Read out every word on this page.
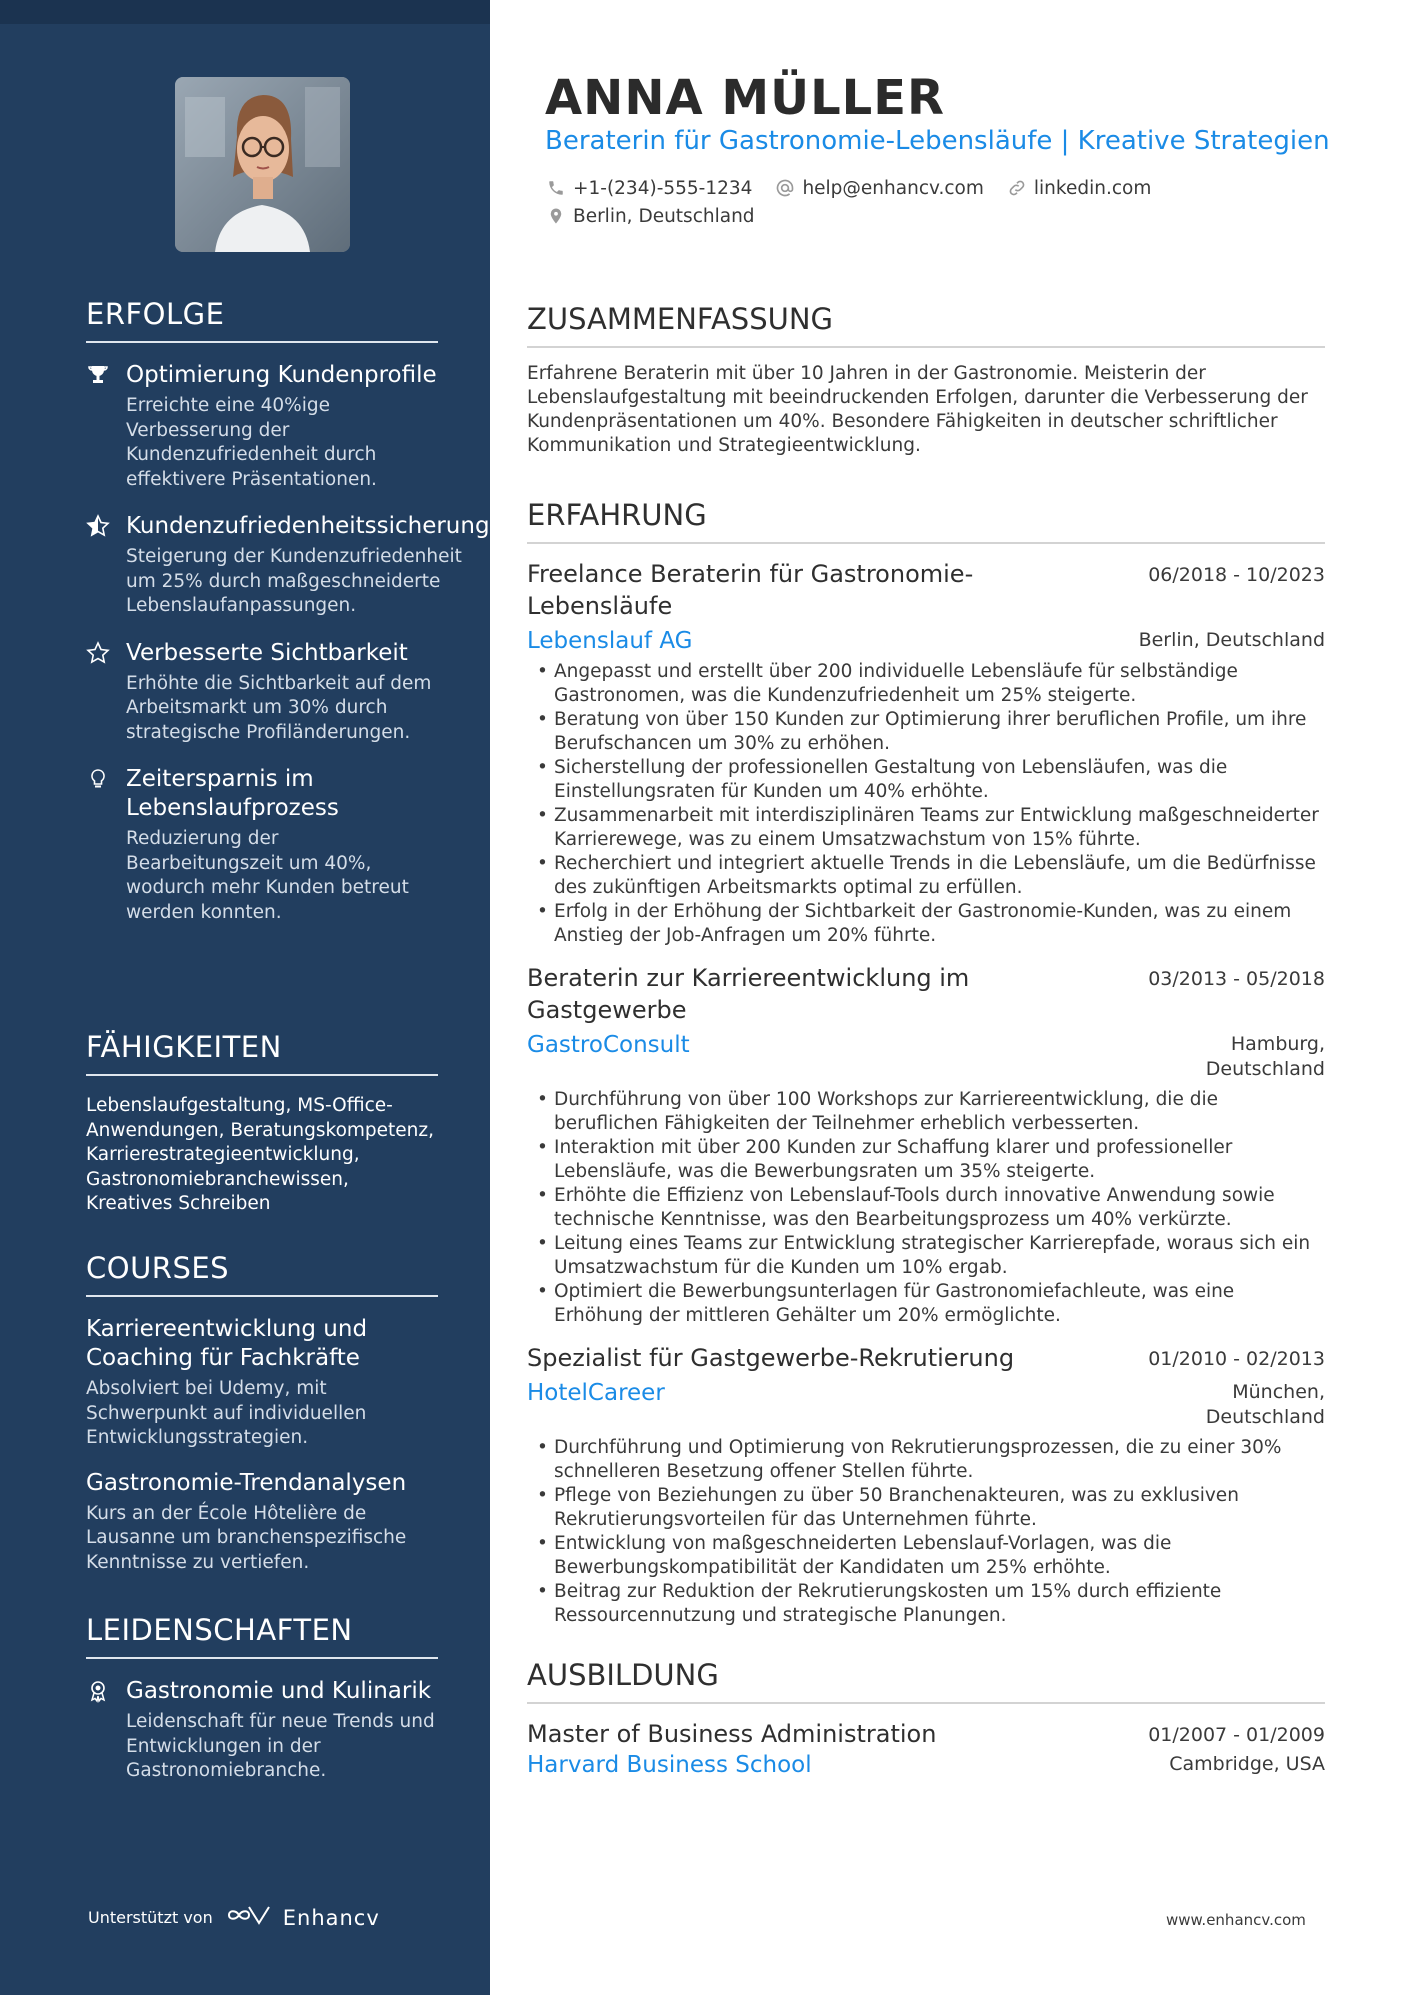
ERFOLGE
Optimierung Kundenprofile
Erreichte eine 40%ige Verbesserung der Kundenzufriedenheit durch effektivere Präsentationen.
Kundenzufriedenheitssicherung
Steigerung der Kundenzufriedenheit um 25% durch maßgeschneiderte Lebenslaufanpassungen.
Verbesserte Sichtbarkeit
Erhöhte die Sichtbarkeit auf dem Arbeitsmarkt um 30% durch strategische Profiländerungen.
Zeitersparnis im Lebenslaufprozess
Reduzierung der Bearbeitungszeit um 40%, wodurch mehr Kunden betreut werden konnten.
FÄHIGKEITEN
Lebenslaufgestaltung, MS-Office-Anwendungen, Beratungskompetenz, Karrierestrategieentwicklung, Gastronomiebranchewissen, Kreatives Schreiben
COURSES
Karriereentwicklung und Coaching für Fachkräfte
Absolviert bei Udemy, mit Schwerpunkt auf individuellen Entwicklungsstrategien.
Gastronomie-Trendanalysen
Kurs an der École Hôtelière de Lausanne um branchenspezifische Kenntnisse zu vertiefen.
LEIDENSCHAFTEN
Gastronomie und Kulinarik
Leidenschaft für neue Trends und Entwicklungen in der Gastronomiebranche.
Unterstützt von	Enhancv
ANNA MÜLLER
Beraterin für Gastronomie-Lebensläufe | Kreative Strategien
+1-(234)-555-1234	help@enhancv.com	linkedin.com
Berlin, Deutschland
ZUSAMMENFASSUNG
Erfahrene Beraterin mit über 10 Jahren in der Gastronomie. Meisterin der Lebenslaufgestaltung mit beeindruckenden Erfolgen, darunter die Verbesserung der Kundenpräsentationen um 40%. Besondere Fähigkeiten in deutscher schriftlicher Kommunikation und Strategieentwicklung.
ERFAHRUNG
Freelance Beraterin für Gastronomie-Lebensläufe
06/2018 - 10/2023
Lebenslauf AG	Berlin, Deutschland
• Angepasst und erstellt über 200 individuelle Lebensläufe für selbständige Gastronomen, was die Kundenzufriedenheit um 25% steigerte.
• Beratung von über 150 Kunden zur Optimierung ihrer beruflichen Profile, um ihre Berufschancen um 30% zu erhöhen.
• Sicherstellung der professionellen Gestaltung von Lebensläufen, was die Einstellungsraten für Kunden um 40% erhöhte.
• Zusammenarbeit mit interdisziplinären Teams zur Entwicklung maßgeschneiderter Karrierewege, was zu einem Umsatzwachstum von 15% führte.
• Recherchiert und integriert aktuelle Trends in die Lebensläufe, um die Bedürfnisse des zukünftigen Arbeitsmarkts optimal zu erfüllen.
• Erfolg in der Erhöhung der Sichtbarkeit der Gastronomie-Kunden, was zu einem Anstieg der Job-Anfragen um 20% führte.
Beraterin zur Karriereentwicklung im Gastgewerbe
03/2013 - 05/2018
GastroConsult	Hamburg, Deutschland
• Durchführung von über 100 Workshops zur Karriereentwicklung, die die beruflichen Fähigkeiten der Teilnehmer erheblich verbesserten.
• Interaktion mit über 200 Kunden zur Schaffung klarer und professioneller Lebensläufe, was die Bewerbungsraten um 35% steigerte.
• Erhöhte die Effizienz von Lebenslauf-Tools durch innovative Anwendung sowie technische Kenntnisse, was den Bearbeitungsprozess um 40% verkürzte.
• Leitung eines Teams zur Entwicklung strategischer Karrierepfade, woraus sich ein Umsatzwachstum für die Kunden um 10% ergab.
• Optimiert die Bewerbungsunterlagen für Gastronomiefachleute, was eine Erhöhung der mittleren Gehälter um 20% ermöglichte.
Spezialist für Gastgewerbe-Rekrutierung	01/2010 - 02/2013
HotelCareer	München, Deutschland
• Durchführung und Optimierung von Rekrutierungsprozessen, die zu einer 30% schnelleren Besetzung offener Stellen führte.
• Pflege von Beziehungen zu über 50 Branchenakteuren, was zu exklusiven Rekrutierungsvorteilen für das Unternehmen führte.
• Entwicklung von maßgeschneiderten Lebenslauf-Vorlagen, was die Bewerbungskompatibilität der Kandidaten um 25% erhöhte.
• Beitrag zur Reduktion der Rekrutierungskosten um 15% durch effiziente Ressourcennutzung und strategische Planungen.
AUSBILDUNG
Master of Business Administration	01/2007 - 01/2009
Harvard Business School	Cambridge, USA
www.enhancv.com
